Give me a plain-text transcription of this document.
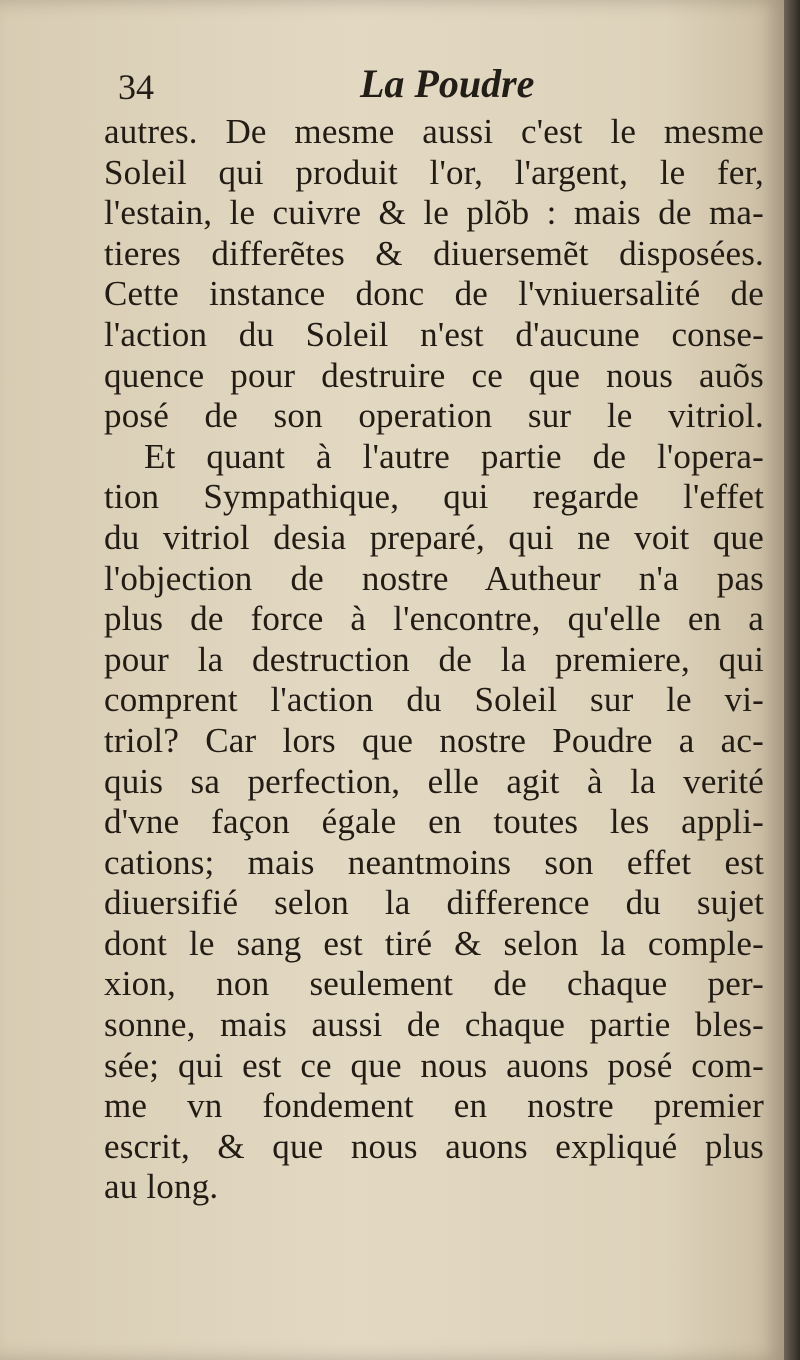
34	La Poudre
autres. De mesme aussi c'est le mesme
Soleil qui produit l'or, l'argent, le fer,
l'estain, le cuivre & le plõb : mais de ma-
tieres differẽtes & diuersemẽt disposées.
Cette instance donc de l'vniuersalité de
l'action du Soleil n'est d'aucune conse-
quence pour destruire ce que nous auõs
posé de son operation sur le vitriol.
Et quant à l'autre partie de l'opera-
tion Sympathique, qui regarde l'effet
du vitriol desia preparé, qui ne voit que
l'objection de nostre Autheur n'a pas
plus de force à l'encontre, qu'elle en a
pour la destruction de la premiere, qui
comprent l'action du Soleil sur le vi-
triol? Car lors que nostre Poudre a ac-
quis sa perfection, elle agit à la verité
d'vne façon égale en toutes les appli-
cations; mais neantmoins son effet est
diuersifié selon la difference du sujet
dont le sang est tiré & selon la comple-
xion, non seulement de chaque per-
sonne, mais aussi de chaque partie bles-
sée; qui est ce que nous auons posé com-
me vn fondement en nostre premier
escrit, & que nous auons expliqué plus
au long.
